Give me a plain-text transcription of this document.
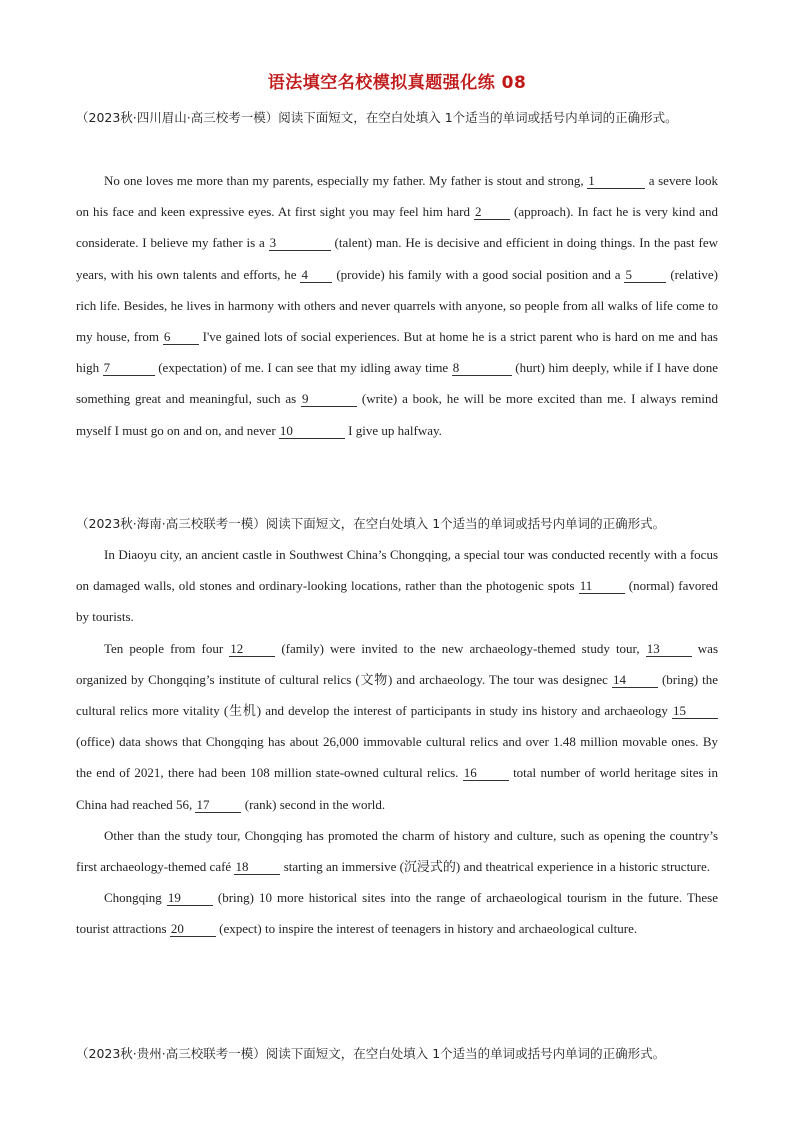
语法填空名校模拟真题强化练 08
（2023秋·四川眉山·高三校考一模）阅读下面短文，在空白处填入 1个适当的单词或括号内单词的正确形式。

No one loves me more than my parents, especially my father. My father is stout and strong, 1	a severe look on his face and keen expressive eyes. At first sight you may feel him hard 2 (approach). In fact he is very kind and considerate. I believe my father is a 3	(talent) man. He is decisive and efficient in doing things. In the past few years, with his own talents and efforts, he 4 (provide) his family with a good social position and a 5	(relative) rich life. Besides, he lives in harmony with others and never quarrels with anyone, so people from all walks of life come to my house, from 6 I've gained lots of social experiences. But at home he is a strict parent who is hard on me and has high 7	(expectation) of me. I can see that my idling away time 8	(hurt) him deeply, while if I have done something great and meaningful, such as 9	(write) a book, he will be more excited than me. I always remind myself I must go on and on, and never 10	I give up halfway.

（2023秋·海南·高三校联考一模）阅读下面短文，在空白处填入 1个适当的单词或括号内单词的正确形式。

In Diaoyu city, an ancient castle in Southwest China’s Chongqing, a special tour was conducted recently with a focus on damaged walls, old stones and ordinary-looking locations, rather than the photogenic spots 11 (normal) favored by tourists.

Ten people from four 12 (family) were invited to the new archaeology-themed study tour, 13 was organized by Chongqing’s institute of cultural relics (文物) and archaeology. The tour was designec 14 (bring) the cultural relics more vitality (生机) and develop the interest of participants in study ins history and archaeology 15 (office) data shows that Chongqing has about 26,000 immovable cultural relics and over 1.48 million movable ones. By the end of 2021, there had been 108 million state-owned cultural relics. 16 total number of world heritage sites in China had reached 56, 17 (rank) second in the world.

Other than the study tour, Chongqing has promoted the charm of history and culture, such as opening the country’s first archaeology-themed café 18 starting an immersive (沉浸式的) and theatrical experience in a historic structure.

Chongqing 19 (bring) 10 more historical sites into the range of archaeological tourism in the future. These tourist attractions 20 (expect) to inspire the interest of teenagers in history and archaeological culture.

（2023秋·贵州·高三校联考一模）阅读下面短文，在空白处填入 1个适当的单词或括号内单词的正确形式。
